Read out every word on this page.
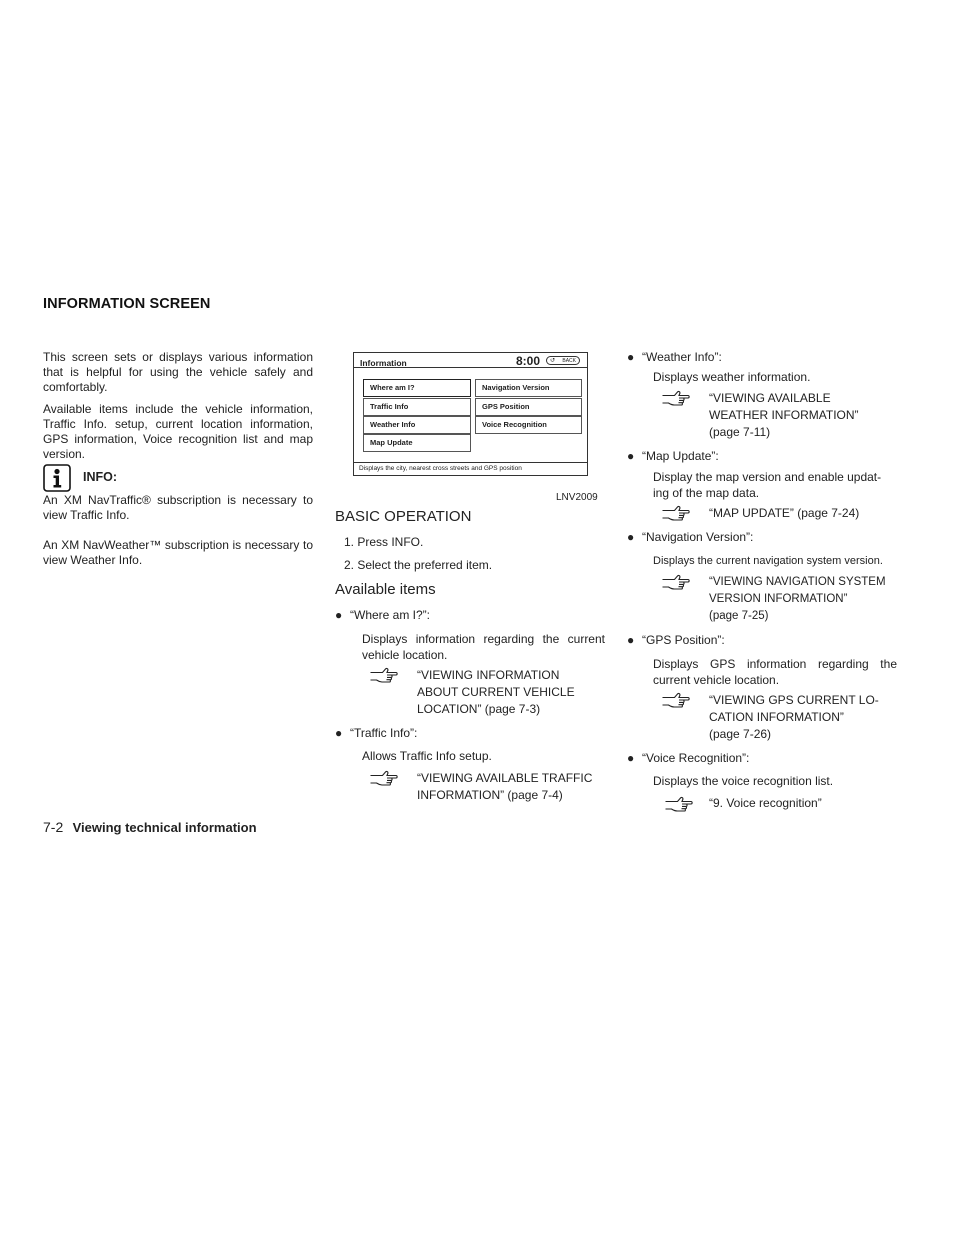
INFORMATION SCREEN

This screen sets or displays various information that is helpful for using the vehicle safely and comfortably.

Available items include the vehicle information, Traffic Info. setup, current location information, GPS information, Voice recognition list and map version.

INFO:

An XM NavTraffic® subscription is necessary to view Traffic Info.

An XM NavWeather™ subscription is necessary to view Weather Info.

Information	8:00 ↺ BACK
Where am I?
Traffic Info
Weather Info
Map Update
Navigation Version
GPS Position
Voice Recognition
Displays the city, nearest cross streets and GPS position
LNV2009
BASIC OPERATION
1. Press INFO.
2. Select the preferred item.
Available items
● “Where am I?”:
Displays information regarding the current vehicle location.
“VIEWING INFORMATION
ABOUT CURRENT VEHICLE
LOCATION” (page 7-3)
● “Traffic Info”:
Allows Traffic Info setup.
“VIEWING AVAILABLE TRAFFIC
INFORMATION” (page 7-4)
● “Weather Info”:
Displays weather information.
“VIEWING AVAILABLE
WEATHER INFORMATION”
(page 7-11)
● “Map Update”:
Display the map version and enable updat-
ing of the map data.
“MAP UPDATE” (page 7-24)
● “Navigation Version”:
Displays the current navigation system version.
“VIEWING NAVIGATION SYSTEM
VERSION INFORMATION”
(page 7-25)
● “GPS Position”:
Displays GPS information regarding the current vehicle location.
“VIEWING GPS CURRENT LO-
CATION INFORMATION”
(page 7-26)
● “Voice Recognition”:
Displays the voice recognition list.
“9. Voice recognition”
7-2 Viewing technical information
